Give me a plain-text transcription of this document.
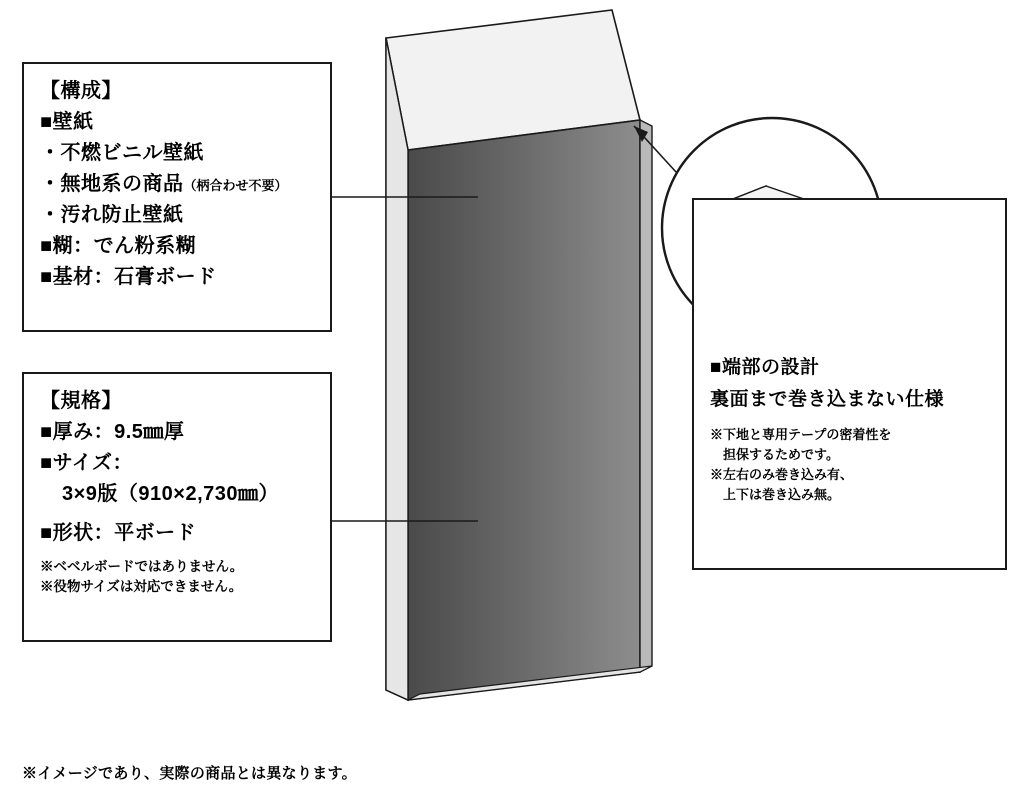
【構成】
■壁紙
・不燃ビニル壁紙
・無地系の商品（柄合わせ不要）
・汚れ防止壁紙
■糊：でん粉系糊
■基材：石膏ボード
【規格】
■厚み：9.5㎜厚
■サイズ：
3×9版（910×2,730㎜）
■形状：平ボード
※ベベルボードではありません。
※役物サイズは対応できません。
■端部の設計
裏面まで巻き込まない仕様
※下地と専用テープの密着性を
　担保するためです。
※左右のみ巻き込み有、
　上下は巻き込み無。
※イメージであり、実際の商品とは異なります。
